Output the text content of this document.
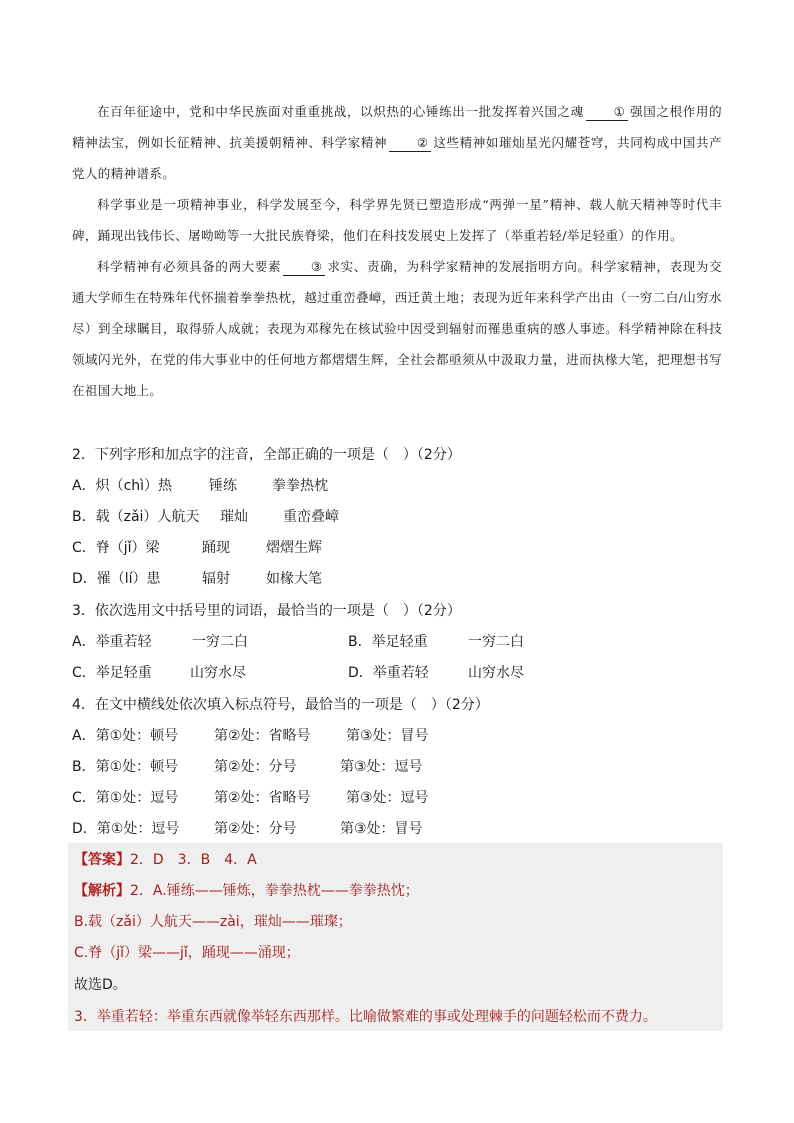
在百年征途中，党和中华民族面对重重挑战，以炽热的心锤练出一批发挥着兴国之魂 ① 强国之根作用的精神法宝，例如长征精神、抗美援朝精神、科学家精神 ② 这些精神如璀灿星光闪耀苍穹，共同构成中国共产党人的精神谱系。

科学事业是一项精神事业，科学发展至今，科学界先贤已塑造形成“两弹一星”精神、载人航天精神等时代丰碑，踊现出钱伟长、屠呦呦等一大批民族脊梁，他们在科技发展史上发挥了（举重若轻/举足轻重）的作用。

科学精神有必须具备的两大要素 ③ 求实、责确，为科学家精神的发展指明方向。科学家精神，表现为交通大学师生在特殊年代怀揣着拳拳热枕，越过重峦叠嶂，西迁黄土地；表现为近年来科学产出由（一穷二白/山穷水尽）到全球瞩目，取得骄人成就；表现为邓稼先在核试验中因受到辐射而罹患重病的感人事迹。科学精神除在科技领域闪光外，在党的伟大事业中的任何地方都熠熠生辉，全社会都亟须从中汲取力量，进而执椽大笔，把理想书写在祖国大地上。

2．下列字形和加点字的注音，全部正确的一项是（　）（2分）
A．炽（chì）热	锤练	拳拳热枕
B．载（zǎi）人航天 璀灿	重峦叠嶂
C．脊（jǐ）梁	踊现	熠熠生辉
D．罹（lí）患	辐射	如椽大笔
3．依次选用文中括号里的词语，最恰当的一项是（　）（2分）
A．举重若轻	一穷二白	B．举足轻重	一穷二白
C．举足轻重	山穷水尽	D．举重若轻	山穷水尽
4．在文中横线处依次填入标点符号，最恰当的一项是（　）（2分）
A．第①处：顿号	第②处：省略号	第③处：冒号
B．第①处：顿号	第②处：分号	第③处：逗号
C．第①处：逗号	第②处：省略号	第③处：逗号
D．第①处：逗号 第②处：分号	第③处：冒号
【答案】2．D　3．B　4．A
【解析】2．A.锤练——锤炼，拳拳热枕——拳拳热忱；
B.载（zǎi）人航天——zài，璀灿——璀璨；
C.脊（jǐ）梁——jǐ，踊现——涌现；
故选D。
3．举重若轻：举重东西就像举轻东西那样。比喻做繁难的事或处理棘手的问题轻松而不费力。
